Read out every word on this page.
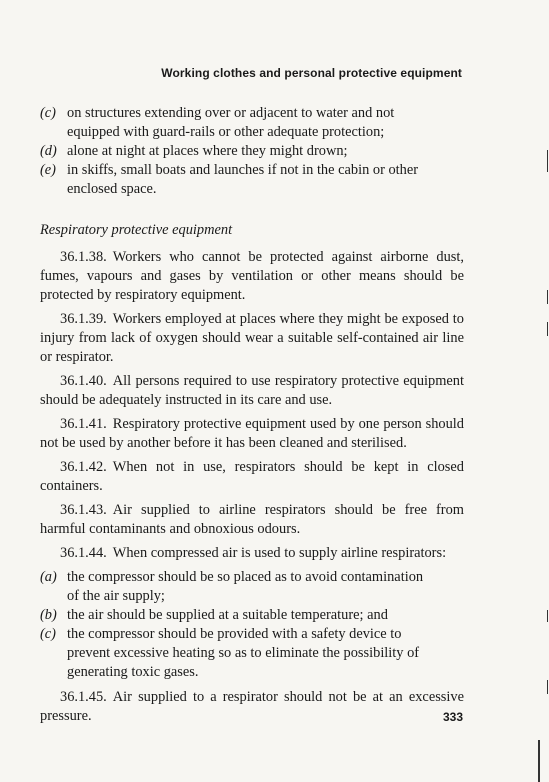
Working clothes and personal protective equipment
(c) on structures extending over or adjacent to water and not
equipped with guard-rails or other adequate protection;
(d) alone at night at places where they might drown;
(e) in skiffs, small boats and launches if not in the cabin or other
enclosed space.
Respiratory protective equipment

36.1.38. Workers who cannot be protected against airborne dust, fumes, vapours and gases by ventilation or other means should be protected by respiratory equipment.

36.1.39. Workers employed at places where they might be exposed to injury from lack of oxygen should wear a suitable self-contained air line or respirator.

36.1.40. All persons required to use respiratory protective equipment should be adequately instructed in its care and use.

36.1.41. Respiratory protective equipment used by one person should not be used by another before it has been cleaned and sterilised.

36.1.42. When not in use, respirators should be kept in closed containers.

36.1.43. Air supplied to airline respirators should be free from harmful contaminants and obnoxious odours.

36.1.44. When compressed air is used to supply airline respirators:

(a) the compressor should be so placed as to avoid contamination
of the air supply;
(b) the air should be supplied at a suitable temperature; and
(c) the compressor should be provided with a safety device to
prevent excessive heating so as to eliminate the possibility of
generating toxic gases.

36.1.45. Air supplied to a respirator should not be at an excessive pressure.	333
